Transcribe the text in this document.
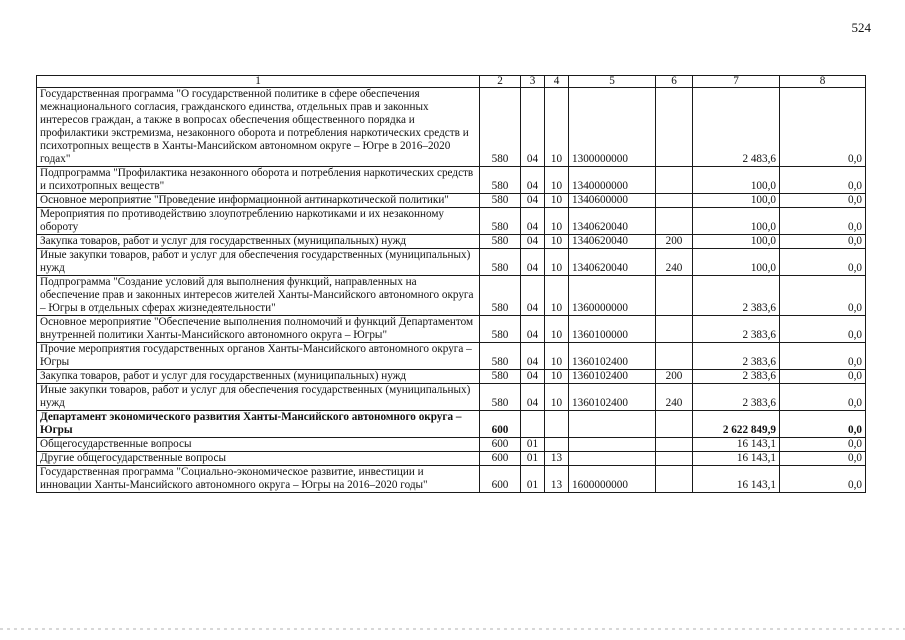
524
1	2	3	4	5	6	7	8
Государственная программа "О государственной политике в сфере обеспечения межнационального согласия, гражданского единства, отдельных прав и законных интересов граждан, а также в вопросах обеспечения общественного порядка и профилактики экстремизма, незаконного оборота и потребления наркотических средств и психотропных веществ в Ханты-Мансийском автономном округе – Югре в 2016–2020 годах"	580	04	10	1300000000		2 483,6	0,0
Подпрограмма "Профилактика незаконного оборота и потребления наркотических средств и психотропных веществ"	580	04	10	1340000000		100,0	0,0
Основное мероприятие "Проведение информационной антинаркотической политики"	580	04	10	1340600000		100,0	0,0
Мероприятия по противодействию злоупотреблению наркотиками и их незаконному обороту	580	04	10	1340620040		100,0	0,0
Закупка товаров, работ и услуг для государственных (муниципальных) нужд	580	04	10	1340620040	200	100,0	0,0
Иные закупки товаров, работ и услуг для обеспечения государственных (муниципальных) нужд	580	04	10	1340620040	240	100,0	0,0
Подпрограмма "Создание условий для выполнения функций, направленных на обеспечение прав и законных интересов жителей Ханты-Мансийского автономного округа – Югры в отдельных сферах жизнедеятельности"	580	04	10	1360000000		2 383,6	0,0
Основное мероприятие "Обеспечение выполнения полномочий и функций Департаментом внутренней политики Ханты-Мансийского автономного округа – Югры"	580	04	10	1360100000		2 383,6	0,0
Прочие мероприятия государственных органов Ханты-Мансийского автономного округа – Югры	580	04	10	1360102400		2 383,6	0,0
Закупка товаров, работ и услуг для государственных (муниципальных) нужд	580	04	10	1360102400	200	2 383,6	0,0
Иные закупки товаров, работ и услуг для обеспечения государственных (муниципальных) нужд	580	04	10	1360102400	240	2 383,6	0,0
Департамент экономического развития Ханты-Мансийского автономного округа – Югры	600					2 622 849,9	0,0
Общегосударственные вопросы	600	01				16 143,1	0,0
Другие общегосударственные вопросы	600	01	13			16 143,1	0,0
Государственная программа "Социально-экономическое развитие, инвестиции и инновации Ханты-Мансийского автономного округа – Югры на 2016–2020 годы"	600	01	13	1600000000		16 143,1	0,0
